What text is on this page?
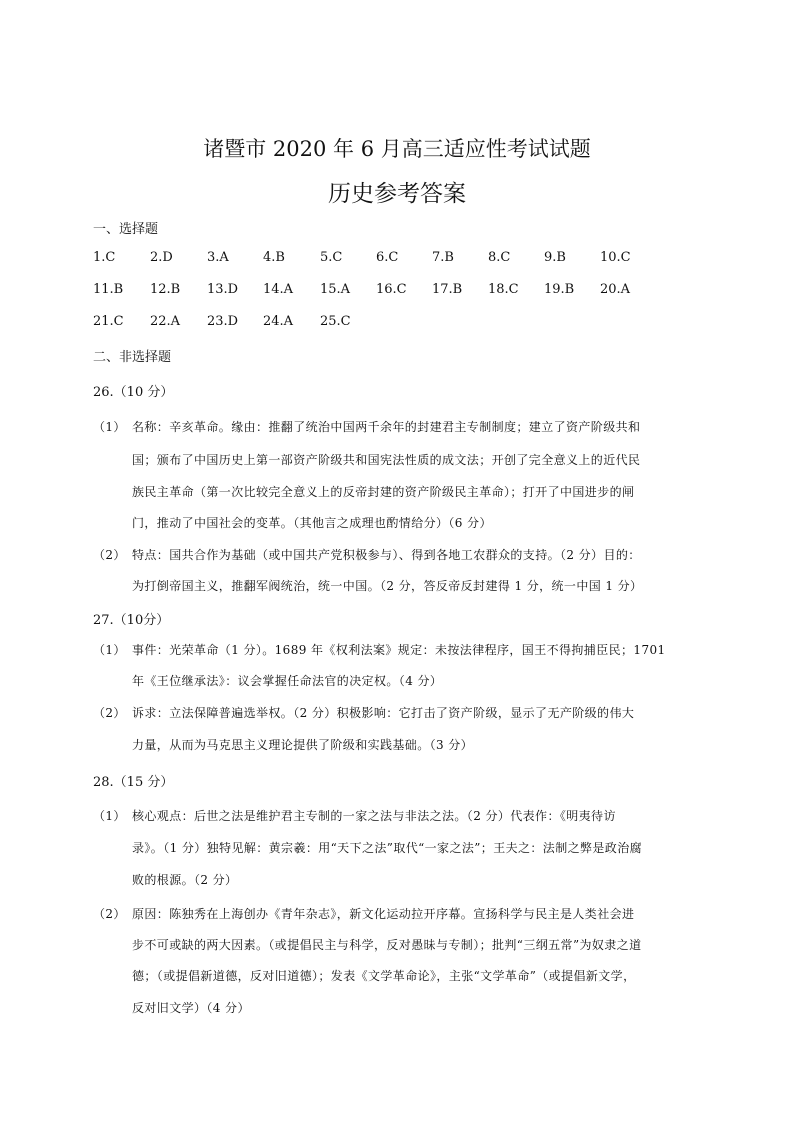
诸暨市 2020 年 6 月高三适应性考试试题
历史参考答案
一、选择题
1.C	2.D	3.A	4.B	5.C	6.C	7.B	8.C	9.B	10.C
11.B 12.B 13.D 14.A 15.A 16.C 17.B 18.C 19.B 20.A
21.C 22.A 23.D 24.A 25.C
二、非选择题
26.（10 分）
（1） 名称：辛亥革命。缘由：推翻了统治中国两千余年的封建君主专制制度；建立了资产阶级共和
国；颁布了中国历史上第一部资产阶级共和国宪法性质的成文法；开创了完全意义上的近代民
族民主革命（第一次比较完全意义上的反帝封建的资产阶级民主革命）；打开了中国进步的闸
门，推动了中国社会的变革。（其他言之成理也酌情给分）（6 分）
（2） 特点：国共合作为基础（或中国共产党积极参与）、得到各地工农群众的支持。（2 分）目的：
为打倒帝国主义，推翻军阀统治，统一中国。（2 分，答反帝反封建得 1 分，统一中国 1 分）
27.（10分）
（1） 事件：光荣革命（1 分）。1689 年《权利法案》规定：未按法律程序，国王不得拘捕臣民；1701
年《王位继承法》：议会掌握任命法官的决定权。（4 分）
（2） 诉求：立法保障普遍选举权。（2 分）积极影响：它打击了资产阶级，显示了无产阶级的伟大
力量，从而为马克思主义理论提供了阶级和实践基础。（3 分）
28.（15 分）
（1） 核心观点：后世之法是维护君主专制的一家之法与非法之法。（2 分）代表作：《明夷待访
录》。（1 分）独特见解：黄宗羲：用“天下之法”取代“一家之法”；王夫之：法制之弊是政治腐
败的根源。（2 分）
（2） 原因：陈独秀在上海创办《青年杂志》，新文化运动拉开序幕。宣扬科学与民主是人类社会进
步不可或缺的两大因素。（或提倡民主与科学，反对愚昧与专制）；批判“三纲五常”为奴隶之道
德；（或提倡新道德，反对旧道德）；发表《文学革命论》，主张“文学革命”（或提倡新文学，
反对旧文学）（4 分）
